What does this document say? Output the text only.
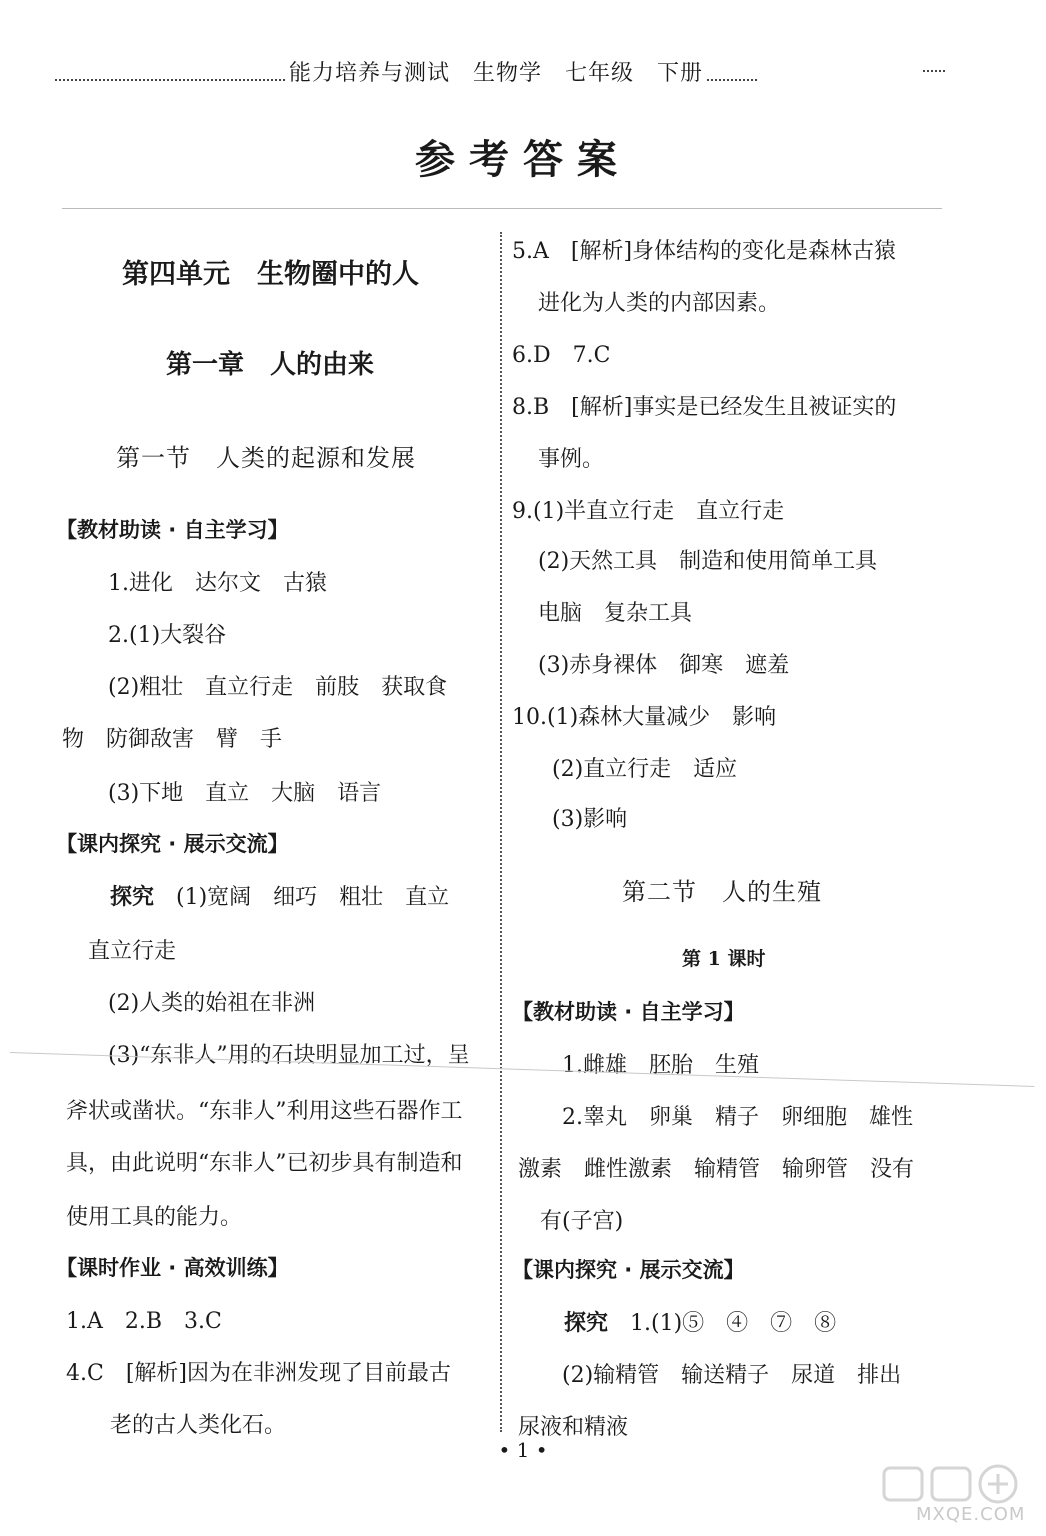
能力培养与测试　生物学　七年级　下册
参考答案
第四单元　生物圈中的人
第一章　人的由来
第一节　人类的起源和发展
【教材助读 · 自主学习】
1.进化　达尔文　古猿
2.(1)大裂谷
(2)粗壮　直立行走　前肢　获取食
物　防御敌害　臂　手
(3)下地　直立　大脑　语言
【课内探究 · 展示交流】
探究　(1)宽阔　细巧　粗壮　直立
直立行走
(2)人类的始祖在非洲
(3)“东非人”用的石块明显加工过，呈
斧状或凿状。“东非人”利用这些石器作工
具，由此说明“东非人”已初步具有制造和
使用工具的能力。
【课时作业 · 高效训练】
1.A　2.B　3.C
4.C　[解析]因为在非洲发现了目前最古
老的古人类化石。
5.A　[解析]身体结构的变化是森林古猿
进化为人类的内部因素。
6.D　7.C
8.B　[解析]事实是已经发生且被证实的
事例。
9.(1)半直立行走　直立行走
(2)天然工具　制造和使用简单工具
电脑　复杂工具
(3)赤身裸体　御寒　遮羞
10.(1)森林大量减少　影响
(2)直立行走　适应
(3)影响
第二节　人的生殖
第 1 课时
【教材助读 · 自主学习】
1.雌雄　胚胎　生殖
2.睾丸　卵巢　精子　卵细胞　雄性
激素　雌性激素　输精管　输卵管　没有
有(子宫)
【课内探究 · 展示交流】
探究　1.(1)⑤　④　⑦　⑧
(2)输精管　输送精子　尿道　排出
尿液和精液
• 1 •
MXQE.COM
